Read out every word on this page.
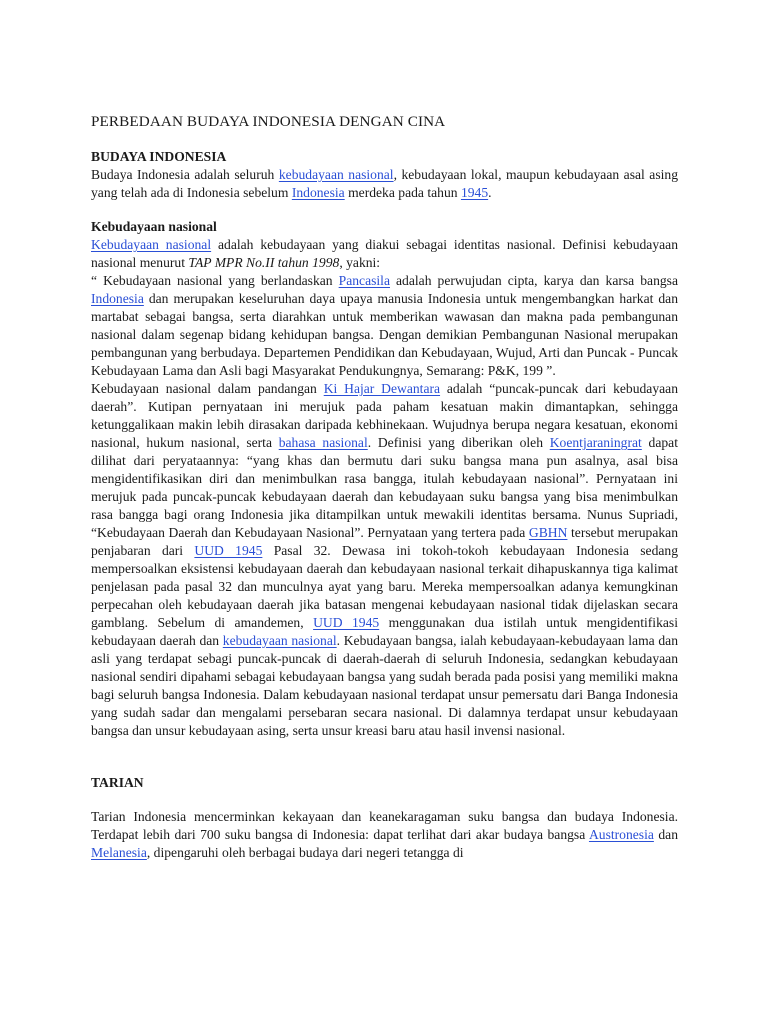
PERBEDAAN BUDAYA INDONESIA DENGAN CINA
BUDAYA INDONESIA

Budaya Indonesia adalah seluruh kebudayaan nasional, kebudayaan lokal, maupun kebudayaan asal asing yang telah ada di Indonesia sebelum Indonesia merdeka pada tahun 1945.

Kebudayaan nasional

Kebudayaan nasional adalah kebudayaan yang diakui sebagai identitas nasional. Definisi kebudayaan nasional menurut TAP MPR No.II tahun 1998, yakni:

“ Kebudayaan nasional yang berlandaskan Pancasila adalah perwujudan cipta, karya dan karsa bangsa Indonesia dan merupakan keseluruhan daya upaya manusia Indonesia untuk mengembangkan harkat dan martabat sebagai bangsa, serta diarahkan untuk memberikan wawasan dan makna pada pembangunan nasional dalam segenap bidang kehidupan bangsa. Dengan demikian Pembangunan Nasional merupakan pembangunan yang berbudaya. Departemen Pendidikan dan Kebudayaan, Wujud, Arti dan Puncak - Puncak Kebudayaan Lama dan Asli bagi Masyarakat Pendukungnya, Semarang: P&K, 199 ”.

Kebudayaan nasional dalam pandangan Ki Hajar Dewantara adalah “puncak-puncak dari kebudayaan daerah”. Kutipan pernyataan ini merujuk pada paham kesatuan makin dimantapkan, sehingga ketunggalikaan makin lebih dirasakan daripada kebhinekaan. Wujudnya berupa negara kesatuan, ekonomi nasional, hukum nasional, serta bahasa nasional. Definisi yang diberikan oleh Koentjaraningrat dapat dilihat dari peryataannya: “yang khas dan bermutu dari suku bangsa mana pun asalnya, asal bisa mengidentifikasikan diri dan menimbulkan rasa bangga, itulah kebudayaan nasional”. Pernyataan ini merujuk pada puncak-puncak kebudayaan daerah dan kebudayaan suku bangsa yang bisa menimbulkan rasa bangga bagi orang Indonesia jika ditampilkan untuk mewakili identitas bersama. Nunus Supriadi, “Kebudayaan Daerah dan Kebudayaan Nasional”. Pernyataan yang tertera pada GBHN tersebut merupakan penjabaran dari UUD 1945 Pasal 32. Dewasa ini tokoh-tokoh kebudayaan Indonesia sedang mempersoalkan eksistensi kebudayaan daerah dan kebudayaan nasional terkait dihapuskannya tiga kalimat penjelasan pada pasal 32 dan munculnya ayat yang baru. Mereka mempersoalkan adanya kemungkinan perpecahan oleh kebudayaan daerah jika batasan mengenai kebudayaan nasional tidak dijelaskan secara gamblang. Sebelum di amandemen, UUD 1945 menggunakan dua istilah untuk mengidentifikasi kebudayaan daerah dan kebudayaan nasional. Kebudayaan bangsa, ialah kebudayaan-kebudayaan lama dan asli yang terdapat sebagi puncak-puncak di daerah-daerah di seluruh Indonesia, sedangkan kebudayaan nasional sendiri dipahami sebagai kebudayaan bangsa yang sudah berada pada posisi yang memiliki makna bagi seluruh bangsa Indonesia. Dalam kebudayaan nasional terdapat unsur pemersatu dari Banga Indonesia yang sudah sadar dan mengalami persebaran secara nasional. Di dalamnya terdapat unsur kebudayaan bangsa dan unsur kebudayaan asing, serta unsur kreasi baru atau hasil invensi nasional.

TARIAN

Tarian Indonesia mencerminkan kekayaan dan keanekaragaman suku bangsa dan budaya Indonesia. Terdapat lebih dari 700 suku bangsa di Indonesia: dapat terlihat dari akar budaya bangsa Austronesia dan Melanesia, dipengaruhi oleh berbagai budaya dari negeri tetangga di
